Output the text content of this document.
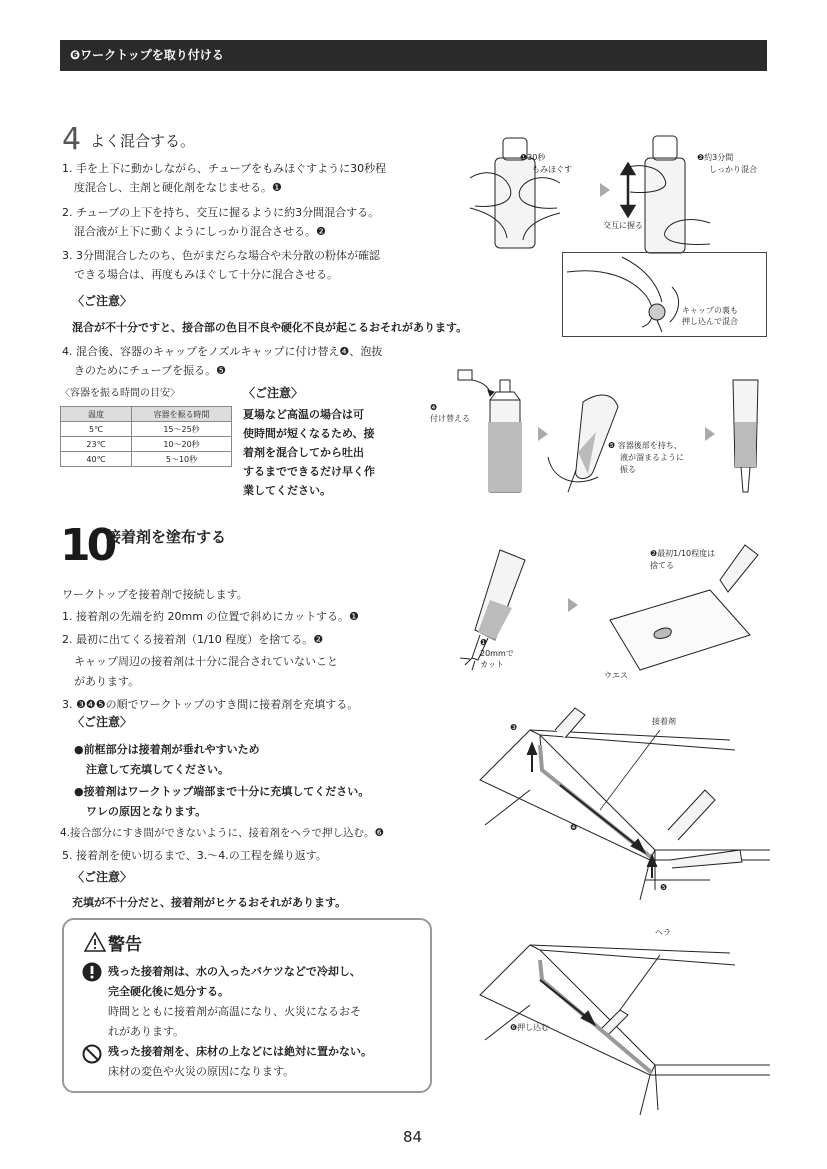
❻ワークトップを取り付ける
4 よく混合する。
1. 手を上下に動かしながら、チューブをもみほぐすように30秒程
度混合し、主剤と硬化剤をなじませる。❶
2. チューブの上下を持ち、交互に握るように約3分間混合する。
混合液が上下に動くようにしっかり混合させる。❷
3. 3分間混合したのち、色がまだらな場合や未分散の粉体が確認
できる場合は、再度もみほぐして十分に混合させる。
〈ご注意〉
混合が不十分ですと、接合部の色目不良や硬化不良が起こるおそれがあります。
4. 混合後、容器のキャップをノズルキャップに付け替え❹、泡抜
きのためにチューブを振る。❺
〈容器を振る時間の目安〉
温度	容器を振る時間
5℃	15〜25秒
23℃	10〜20秒
40℃	5〜10秒
〈ご注意〉
夏場など高温の場合は可
使時間が短くなるため、接
着剤を混合してから吐出
するまでできるだけ早く作
業してください。
10
接着剤を塗布する
ワークトップを接着剤で接続します。
1. 接着剤の先端を約 20mm の位置で斜めにカットする。❶
2. 最初に出てくる接着剤（1/10 程度）を捨てる。❷
キャップ周辺の接着剤は十分に混合されていないこと
があります。
3. ❸❹❺の順でワークトップのすき間に接着剤を充填する。
〈ご注意〉
●前框部分は接着剤が垂れやすいため
注意して充填してください。
●接着剤はワークトップ端部まで十分に充填してください。
ワレの原因となります。
4.接合部分にすき間ができないように、接着剤をヘラで押し込む。❻
5. 接着剤を使い切るまで、3.〜4.の工程を繰り返す。
〈ご注意〉
充填が不十分だと、接着剤がヒケるおそれがあります。
警告
残った接着剤は、水の入ったバケツなどで冷却し、
完全硬化後に処分する。
時間とともに接着剤が高温になり、火災になるおそ
れがあります。
残った接着剤を、床材の上などには絶対に置かない。
床材の変色や火災の原因になります。
❶30秒
もみほぐす
❷約3分間
しっかり混合
交互に握る
キャップの裏も
押し込んで混合
❹
付け替える
❺ 容器後部を持ち、
液が溜まるように
振る
❶
20mmで
カット
❷最初1/10程度は
捨てる
ウエス
接着剤
❸
❹
❺
ヘラ
❻押し込む
84
